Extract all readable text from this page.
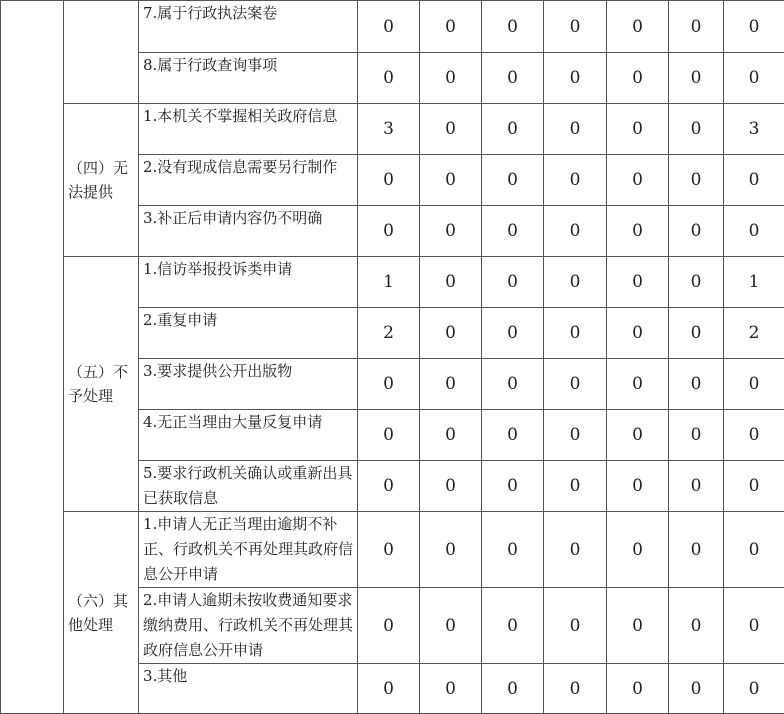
		7.属于行政执法案卷	0	0	0	0	0	0	0
		8.属于行政查询事项	0	0	0	0	0	0	0
	（四）无法提供	1.本机关不掌握相关政府信息	3	0	0	0	0	0	3
		2.没有现成信息需要另行制作	0	0	0	0	0	0	0
		3.补正后申请内容仍不明确	0	0	0	0	0	0	0
	（五）不予处理	1.信访举报投诉类申请	1	0	0	0	0	0	1
		2.重复申请	2	0	0	0	0	0	2
		3.要求提供公开出版物	0	0	0	0	0	0	0
		4.无正当理由大量反复申请	0	0	0	0	0	0	0
		5.要求行政机关确认或重新出具已获取信息	0	0	0	0	0	0	0
	（六）其他处理	1.申请人无正当理由逾期不补正、行政机关不再处理其政府信息公开申请	0	0	0	0	0	0	0
		2.申请人逾期未按收费通知要求缴纳费用、行政机关不再处理其政府信息公开申请	0	0	0	0	0	0	0
		3.其他	0	0	0	0	0	0	0
